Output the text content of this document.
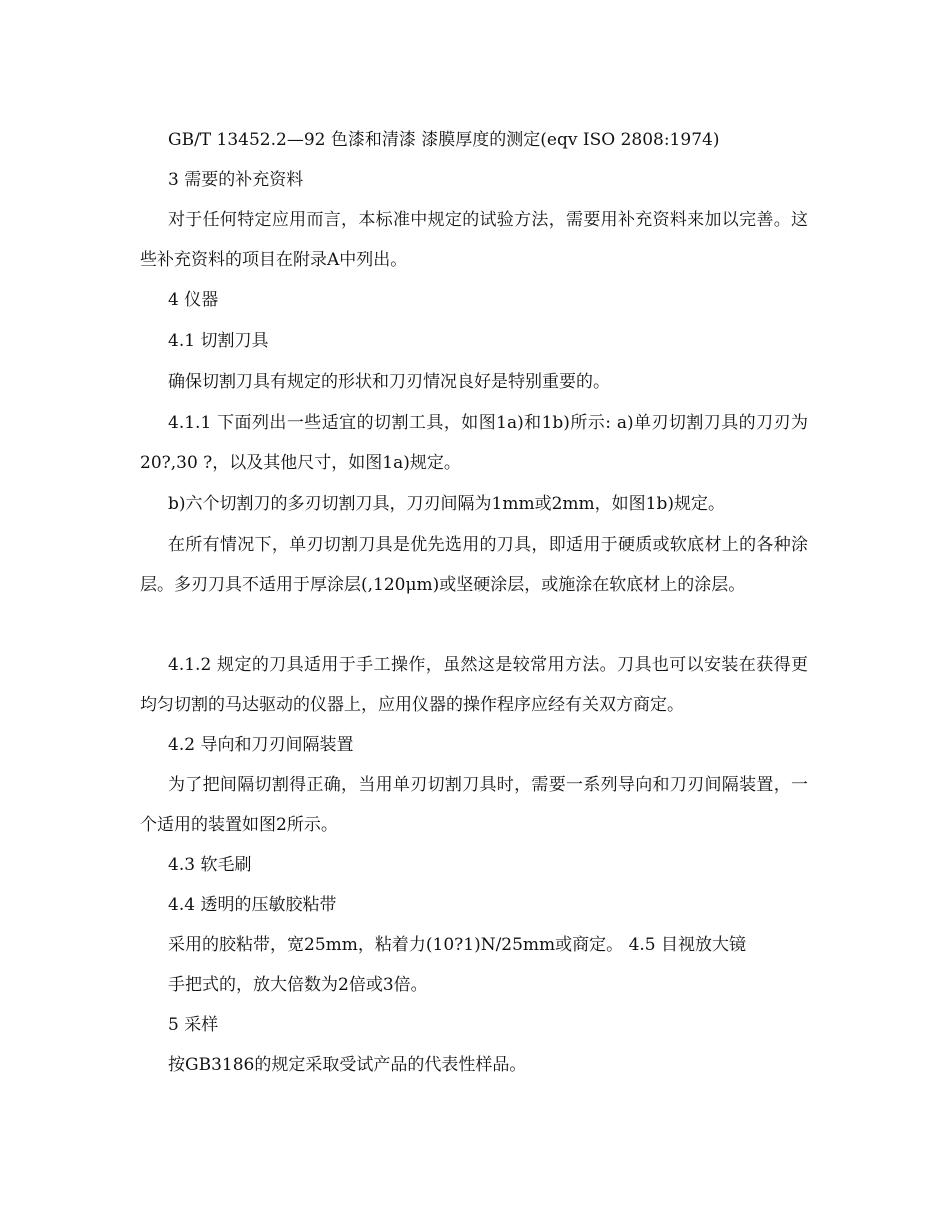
GB/T 13452.2—92 色漆和清漆 漆膜厚度的测定(eqv ISO 2808:1974)

3 需要的补充资料

对于任何特定应用而言，本标准中规定的试验方法，需要用补充资料来加以完善。这些补充资料的项目在附录A中列出。

4 仪器

4.1 切割刀具

确保切割刀具有规定的形状和刀刃情况良好是特别重要的。

4.1.1 下面列出一些适宜的切割工具，如图1a)和1b)所示: a)单刃切割刀具的刀刃为20?,30 ?，以及其他尺寸，如图1a)规定。

b)六个切割刀的多刃切割刀具，刀刃间隔为1mm或2mm，如图1b)规定。

在所有情况下，单刃切割刀具是优先选用的刀具，即适用于硬质或软底材上的各种涂层。多刃刀具不适用于厚涂层(,120μm)或坚硬涂层，或施涂在软底材上的涂层。

4.1.2 规定的刀具适用于手工操作，虽然这是较常用方法。刀具也可以安装在获得更均匀切割的马达驱动的仪器上，应用仪器的操作程序应经有关双方商定。

4.2 导向和刀刃间隔装置

为了把间隔切割得正确，当用单刃切割刀具时，需要一系列导向和刀刃间隔装置，一个适用的装置如图2所示。

4.3 软毛刷

4.4 透明的压敏胶粘带

采用的胶粘带，宽25mm，粘着力(10?1)N/25mm或商定。 4.5 目视放大镜

手把式的，放大倍数为2倍或3倍。

5 采样

按GB3186的规定采取受试产品的代表性样品。
